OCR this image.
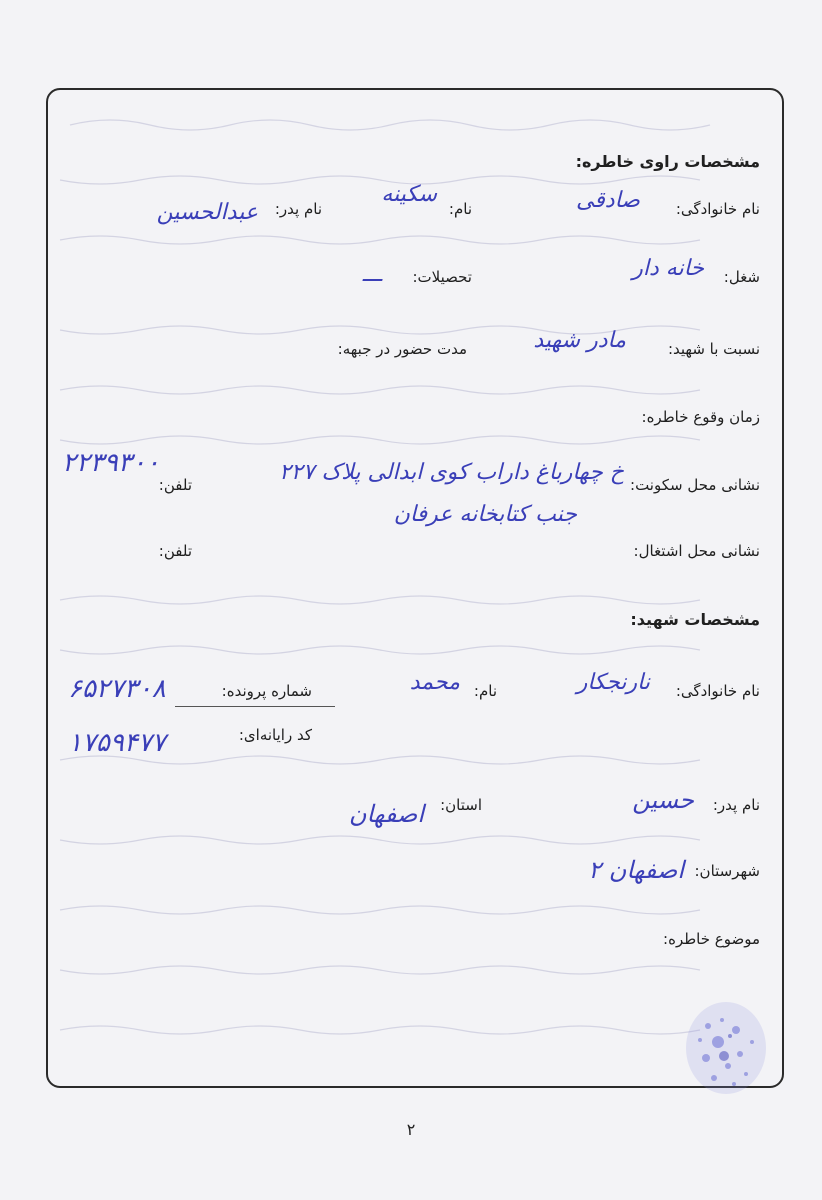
مشخصات راوی خاطره:
نام خانوادگی:
صادقی
نام:
سکینه
نام پدر:
عبدالحسین
شغل:
خانه دار
تحصیلات:
ـــ
نسبت با شهید:
مادر شهید
مدت حضور در جبهه:
زمان وقوع خاطره:
نشانی محل سکونت:
خ چهارباغ داراب کوی ابدالی پلاک ۲۲۷
جنب کتابخانه عرفان
تلفن:
۲۲۳۹۳۰۰
نشانی محل اشتغال:
تلفن:
مشخصات شهید:
نام خانوادگی:
نارنجکار
نام:
محمد
شماره پرونده:
۶۵۲۷۳۰۸
کد رایانه‌ای:
۱۷۵۹۴۷۷
نام پدر:
حسین
استان:
اصفهان
شهرستان:
اصفهان ۲
موضوع خاطره:
۲
